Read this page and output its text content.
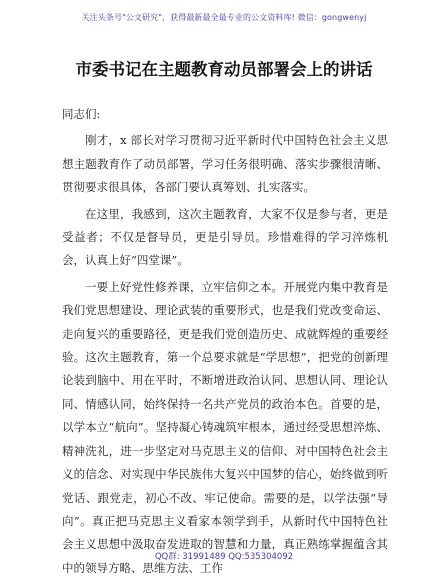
关注头条号"公文研究"，获得最新最全最专业的公文资料库! 微信：gongwenyj
市委书记在主题教育动员部署会上的讲话

同志们:

刚才，x 部长对学习贯彻习近平新时代中国特色社会主义思想主题教育作了动员部署，学习任务很明确、落实步骤很清晰、贯彻要求很具体，各部门要认真筹划、扎实落实。

在这里，我感到，这次主题教育，大家不仅是参与者，更是受益者；不仅是督导员，更是引导员。珍惜难得的学习淬炼机会，认真上好“四堂课”。

一要上好党性修养课，立牢信仰之本。开展党内集中教育是我们党思想建设、理论武装的重要形式，也是我们党改变命运、走向复兴的重要路径，更是我们党创造历史、成就辉煌的重要经验。这次主题教育，第一个总要求就是“学思想”，把党的创新理论装到脑中、用在平时，不断增进政治认同、思想认同、理论认同、情感认同，始终保持一名共产党员的政治本色。首要的是，以学本立“航向”。坚持凝心铸魂筑牢根本，通过经受思想淬炼、精神洗礼，进一步坚定对马克思主义的信仰、对中国特色社会主义的信念、对实现中华民族伟大复兴中国梦的信心，始终做到听党话、跟党走，初心不改、牢记使命。需要的是，以学法强“导向”。真正把马克思主义看家本领学到手，从新时代中国特色社会主义思想中汲取奋发进取的智慧和力量，真正熟练掌握蕴含其中的领导方略、思维方法、工作

QQ群: 31991489 QQ:535304092
